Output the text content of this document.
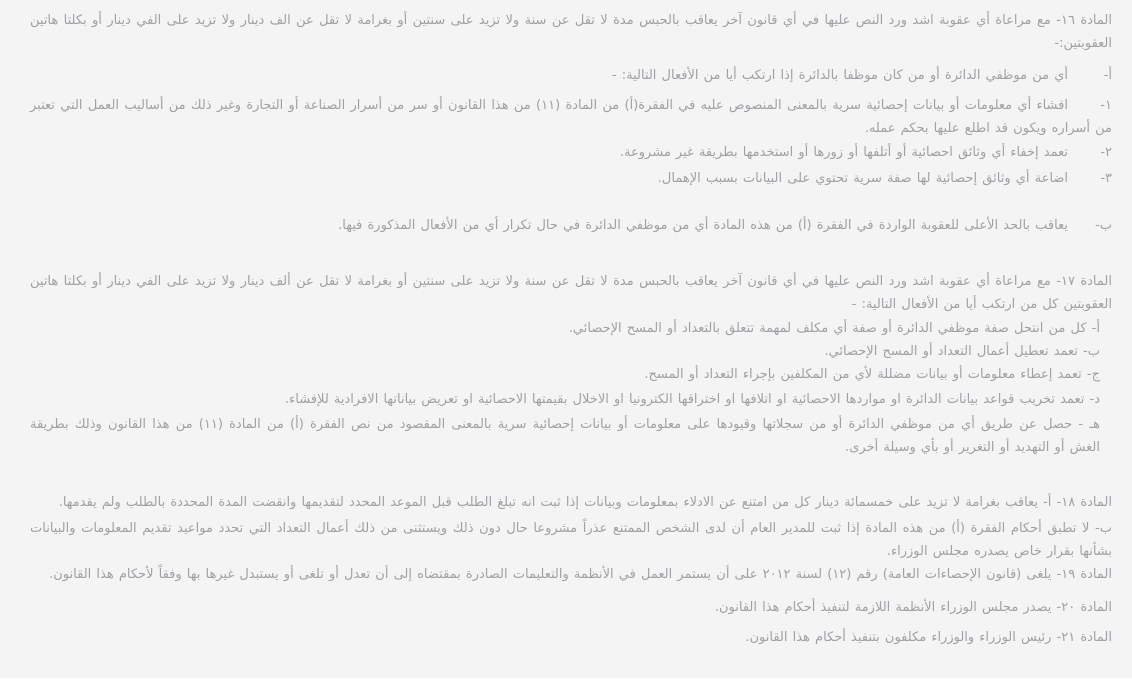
المادة ١٦- مع مراعاة أي عقوبة اشد ورد النص عليها في أي قانون آخر يعاقب بالحبس مدة لا تقل عن سنة ولا تزيد على سنتين أو بغرامة لا تقل عن الف دينار ولا تزيد على الفي دينار أو بكلتا هاتين العقوبتين:-

أ-أي من موظفي الدائرة أو من كان موظفا بالدائرة إذا ارتكب أيا من الأفعال التالية: -

١-افشاء أي معلومات أو بيانات إحصائية سرية بالمعنى المنصوص عليه في الفقرة(أ) من المادة (١١) من هذا القانون أو سر من أسرار الصناعة أو التجارة وغير ذلك من أساليب العمل التي تعتبر من أسراره ويكون قد اطلع عليها بحكم عمله.

٢-تعمد إخفاء أي وثائق احصائية أو أتلفها أو زورها أو استخدمها بطريقة غير مشروعة.

٣-اضاعة أي وثائق إحصائية لها صفة سرية تحتوي على البيانات بسبب الإهمال.

ب-يعاقب بالحد الأعلى للعقوبة الواردة في الفقرة (أ) من هذه المادة أي من موظفي الدائرة في حال تكرار أي من الأفعال المذكورة فيها.

المادة ١٧- مع مراعاة أي عقوبة اشد ورد النص عليها في أي قانون آخر يعاقب بالحبس مدة لا تقل عن سنة ولا تزيد على سنتين أو بغرامة لا تقل عن ألف دينار ولا تزيد على الفي دينار أو بكلتا هاتين العقوبتين كل من ارتكب أيا من الأفعال التالية: -

أ- كل من انتحل صفة موظفي الدائرة أو صفة أي مكلف لمهمة تتعلق بالتعداد أو المسح الإحصائي.

ب- تعمد تعطيل أعمال التعداد أو المسح الإحصائي.

ج- تعمد إعطاء معلومات أو بيانات مضللة لأي من المكلفين بإجراء التعداد أو المسح.

د- تعمد تخريب قواعد بيانات الدائرة او مواردها الاحصائية او اتلافها او اختراقها الكترونيا او الاخلال بقيمتها الاحصائية او تعريض بياناتها الافرادية للإفشاء.

هـ - حصل عن طريق أي من موظفي الدائرة أو من سجلاتها وقيودها على معلومات أو بيانات إحصائية سرية بالمعنى المقصود من نص الفقرة (أ) من المادة (١١) من هذا القانون وذلك بطريقة الغش أو التهديد أو التغرير أو بأي وسيلة أخرى.

المادة ١٨- أ- يعاقب بغرامة لا تزيد على خمسمائة دينار كل من امتنع عن الادلاء بمعلومات وبيانات إذا ثبت انه تبلغ الطلب قبل الموعد المحدد لتقديمها وانقضت المدة المحددة بالطلب ولم يقدمها.

ب- لا تطبق أحكام الفقرة (أ) من هذه المادة إذا ثبت للمدير العام أن لدى الشخص الممتنع عذراً مشروعا حال دون ذلك ويستثنى من ذلك أعمال التعداد التي تحدد مواعيد تقديم المعلومات والبيانات بشأنها بقرار خاص يصدره مجلس الوزراء.

المادة ١٩- يلغى (قانون الإحصاءات العامة) رقم (١٢) لسنة ٢٠١٢ على أن يستمر العمل في الأنظمة والتعليمات الصادرة بمقتضاه إلى أن تعدل أو تلغى أو يستبدل غيرها بها وفقاً لأحكام هذا القانون.

المادة ٢٠- يصدر مجلس الوزراء الأنظمة اللازمة لتنفيذ أحكام هذا القانون.

المادة ٢١- رئيس الوزراء والوزراء مكلفون بتنفيذ أحكام هذا القانون.
